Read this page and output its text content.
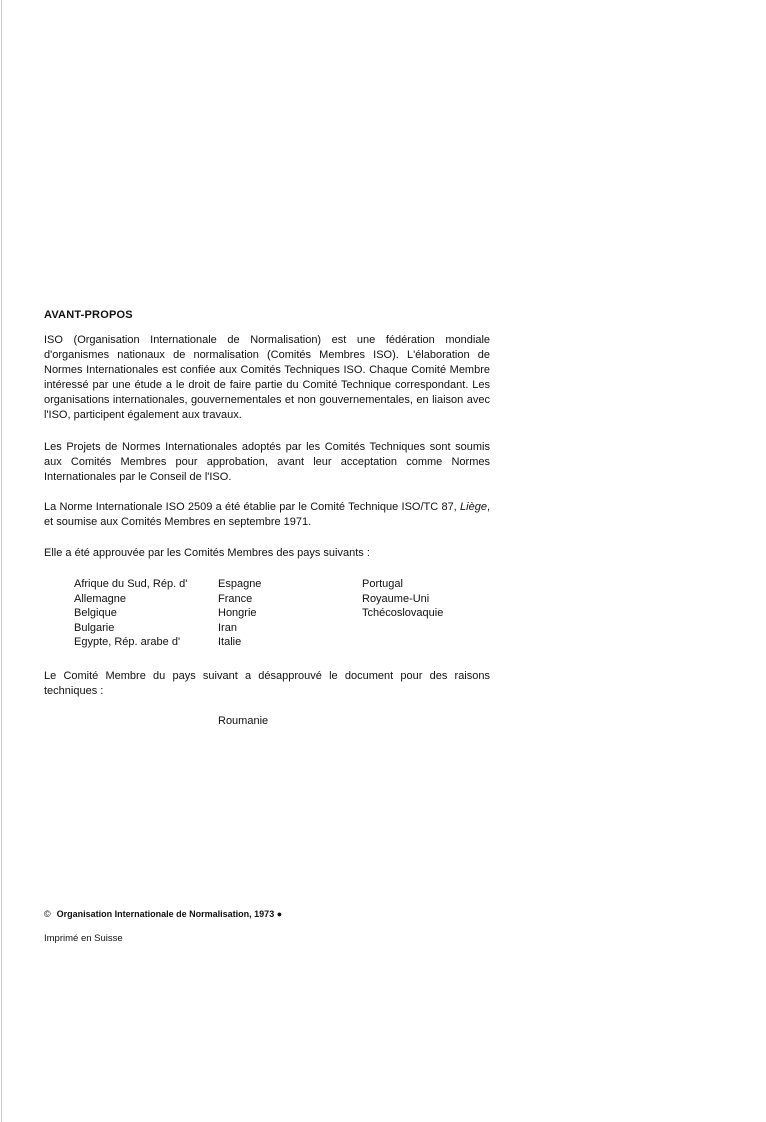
AVANT-PROPOS
ISO (Organisation Internationale de Normalisation) est une fédération mondiale d'organismes nationaux de normalisation (Comités Membres ISO). L'élaboration de Normes Internationales est confiée aux Comités Techniques ISO. Chaque Comité Membre intéressé par une étude a le droit de faire partie du Comité Technique correspondant. Les organisations internationales, gouvernementales et non gouvernementales, en liaison avec l'ISO, participent également aux travaux.
Les Projets de Normes Internationales adoptés par les Comités Techniques sont soumis aux Comités Membres pour approbation, avant leur acceptation comme Normes Internationales par le Conseil de l'ISO.
La Norme Internationale ISO 2509 a été établie par le Comité Technique ISO/TC 87, Liège, et soumise aux Comités Membres en septembre 1971.
Elle a été approuvée par les Comités Membres des pays suivants :
Afrique du Sud, Rép. d'
Allemagne
Belgique
Bulgarie
Egypte, Rép. arabe d'
Espagne
France
Hongrie
Iran
Italie
Portugal
Royaume-Uni
Tchécoslovaquie
Le Comité Membre du pays suivant a désapprouvé le document pour des raisons techniques :
Roumanie
© Organisation Internationale de Normalisation, 1973 ●
Imprimé en Suisse
